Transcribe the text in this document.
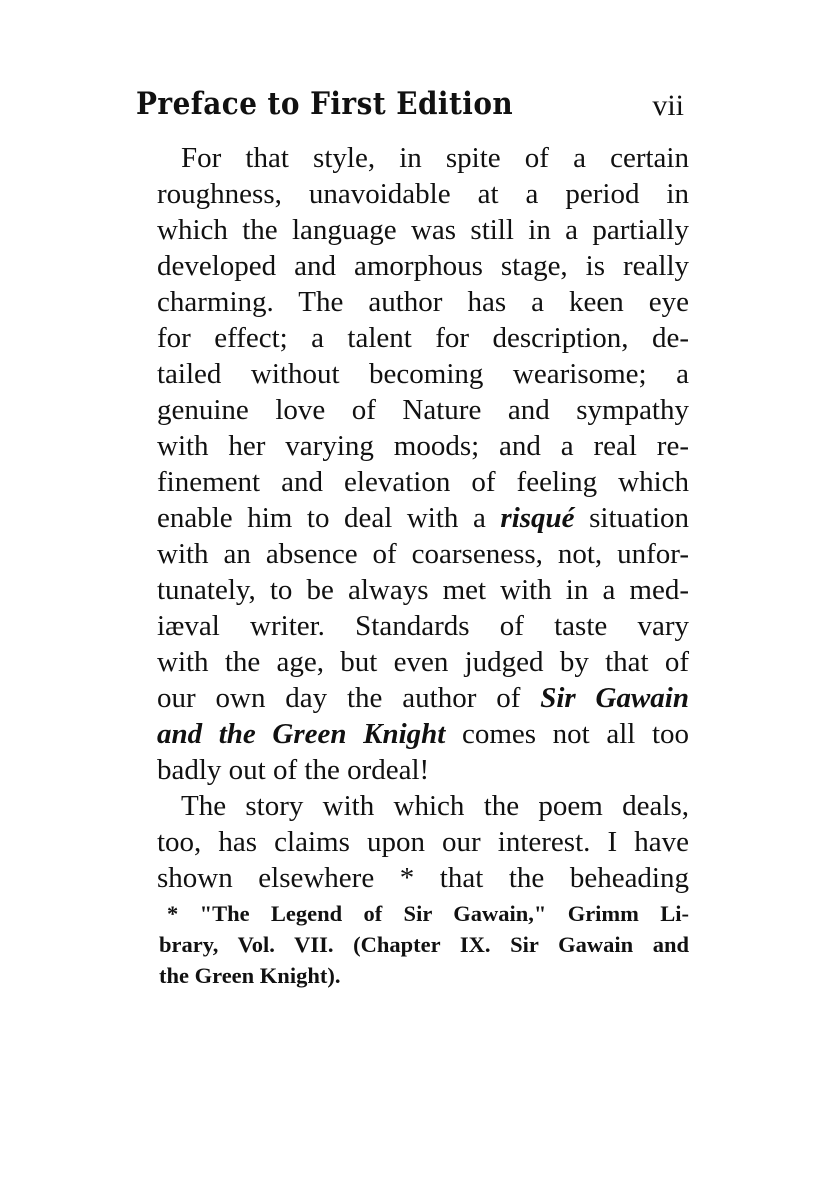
Preface to First Edition	vii
For that style, in spite of a certain
roughness, unavoidable at a period in
which the language was still in a partially
developed and amorphous stage, is really
charming. The author has a keen eye
for effect; a talent for description, de-
tailed without becoming wearisome; a
genuine love of Nature and sympathy
with her varying moods; and a real re-
finement and elevation of feeling which
enable him to deal with a risqué situation
with an absence of coarseness, not, unfor-
tunately, to be always met with in a med-
iæval writer. Standards of taste vary
with the age, but even judged by that of
our own day the author of Sir Gawain
and the Green Knight comes not all too
badly out of the ordeal!
The story with which the poem deals,
too, has claims upon our interest. I have
shown elsewhere * that the beheading
* "The Legend of Sir Gawain," Grimm Li-
brary, Vol. VII. (Chapter IX. Sir Gawain and
the Green Knight).
